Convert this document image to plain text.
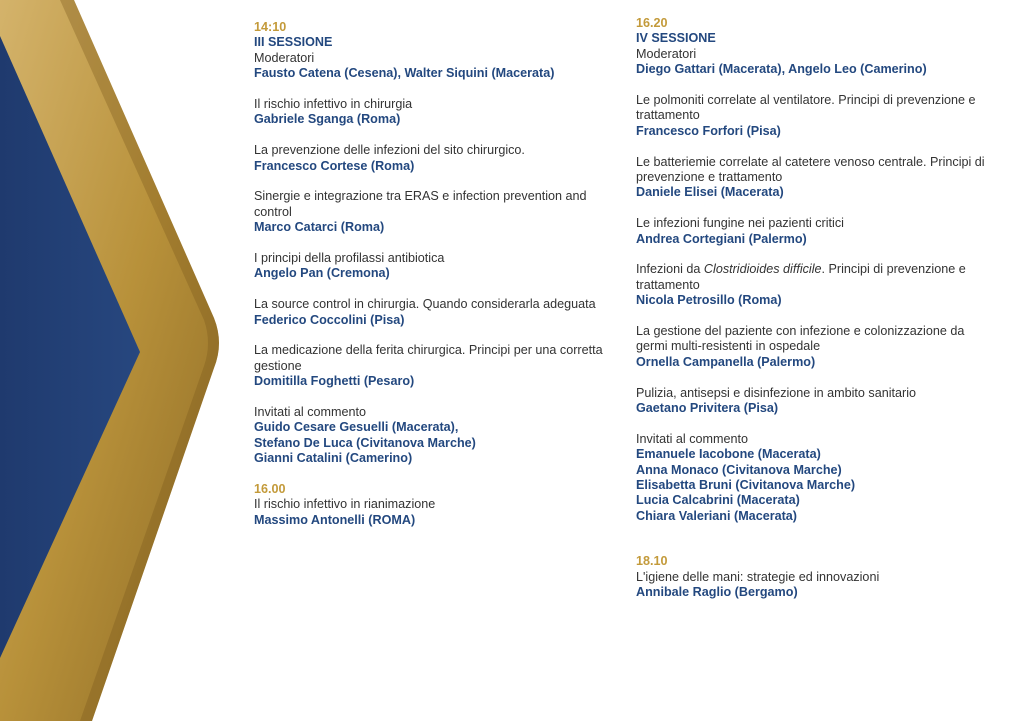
14:10
III SESSIONE
Moderatori
Fausto Catena (Cesena), Walter Siquini (Macerata)
Il rischio infettivo in chirurgia
Gabriele Sganga (Roma)
La prevenzione delle infezioni del sito chirurgico.
Francesco Cortese (Roma)
Sinergie e integrazione tra ERAS e infection prevention and control
Marco Catarci (Roma)
I principi della profilassi antibiotica
Angelo Pan (Cremona)
La source control in chirurgia. Quando considerarla adeguata
Federico Coccolini (Pisa)
La medicazione della ferita chirurgica. Principi per una corretta gestione
Domitilla Foghetti (Pesaro)
Invitati al commento
Guido Cesare Gesuelli (Macerata),
Stefano De Luca (Civitanova Marche)
Gianni Catalini (Camerino)
16.00
Il rischio infettivo in rianimazione
Massimo Antonelli (ROMA)
16.20
IV SESSIONE
Moderatori
Diego Gattari (Macerata), Angelo Leo (Camerino)
Le polmoniti correlate al ventilatore. Principi di prevenzione e trattamento
Francesco Forfori (Pisa)
Le batteriemie correlate al catetere venoso centrale. Principi di prevenzione e trattamento
Daniele Elisei (Macerata)
Le infezioni fungine nei pazienti critici
Andrea Cortegiani (Palermo)
Infezioni da Clostridioides difficile. Principi di prevenzione e trattamento
Nicola Petrosillo (Roma)
La gestione del paziente con infezione e colonizzazione da germi multi-resistenti in ospedale
Ornella Campanella (Palermo)
Pulizia, antisepsi e disinfezione in ambito sanitario
Gaetano Privitera (Pisa)
Invitati al commento
Emanuele Iacobone (Macerata)
Anna Monaco (Civitanova Marche)
Elisabetta Bruni (Civitanova Marche)
Lucia Calcabrini (Macerata)
Chiara Valeriani (Macerata)
18.10
L'igiene delle mani: strategie ed innovazioni
Annibale Raglio (Bergamo)
